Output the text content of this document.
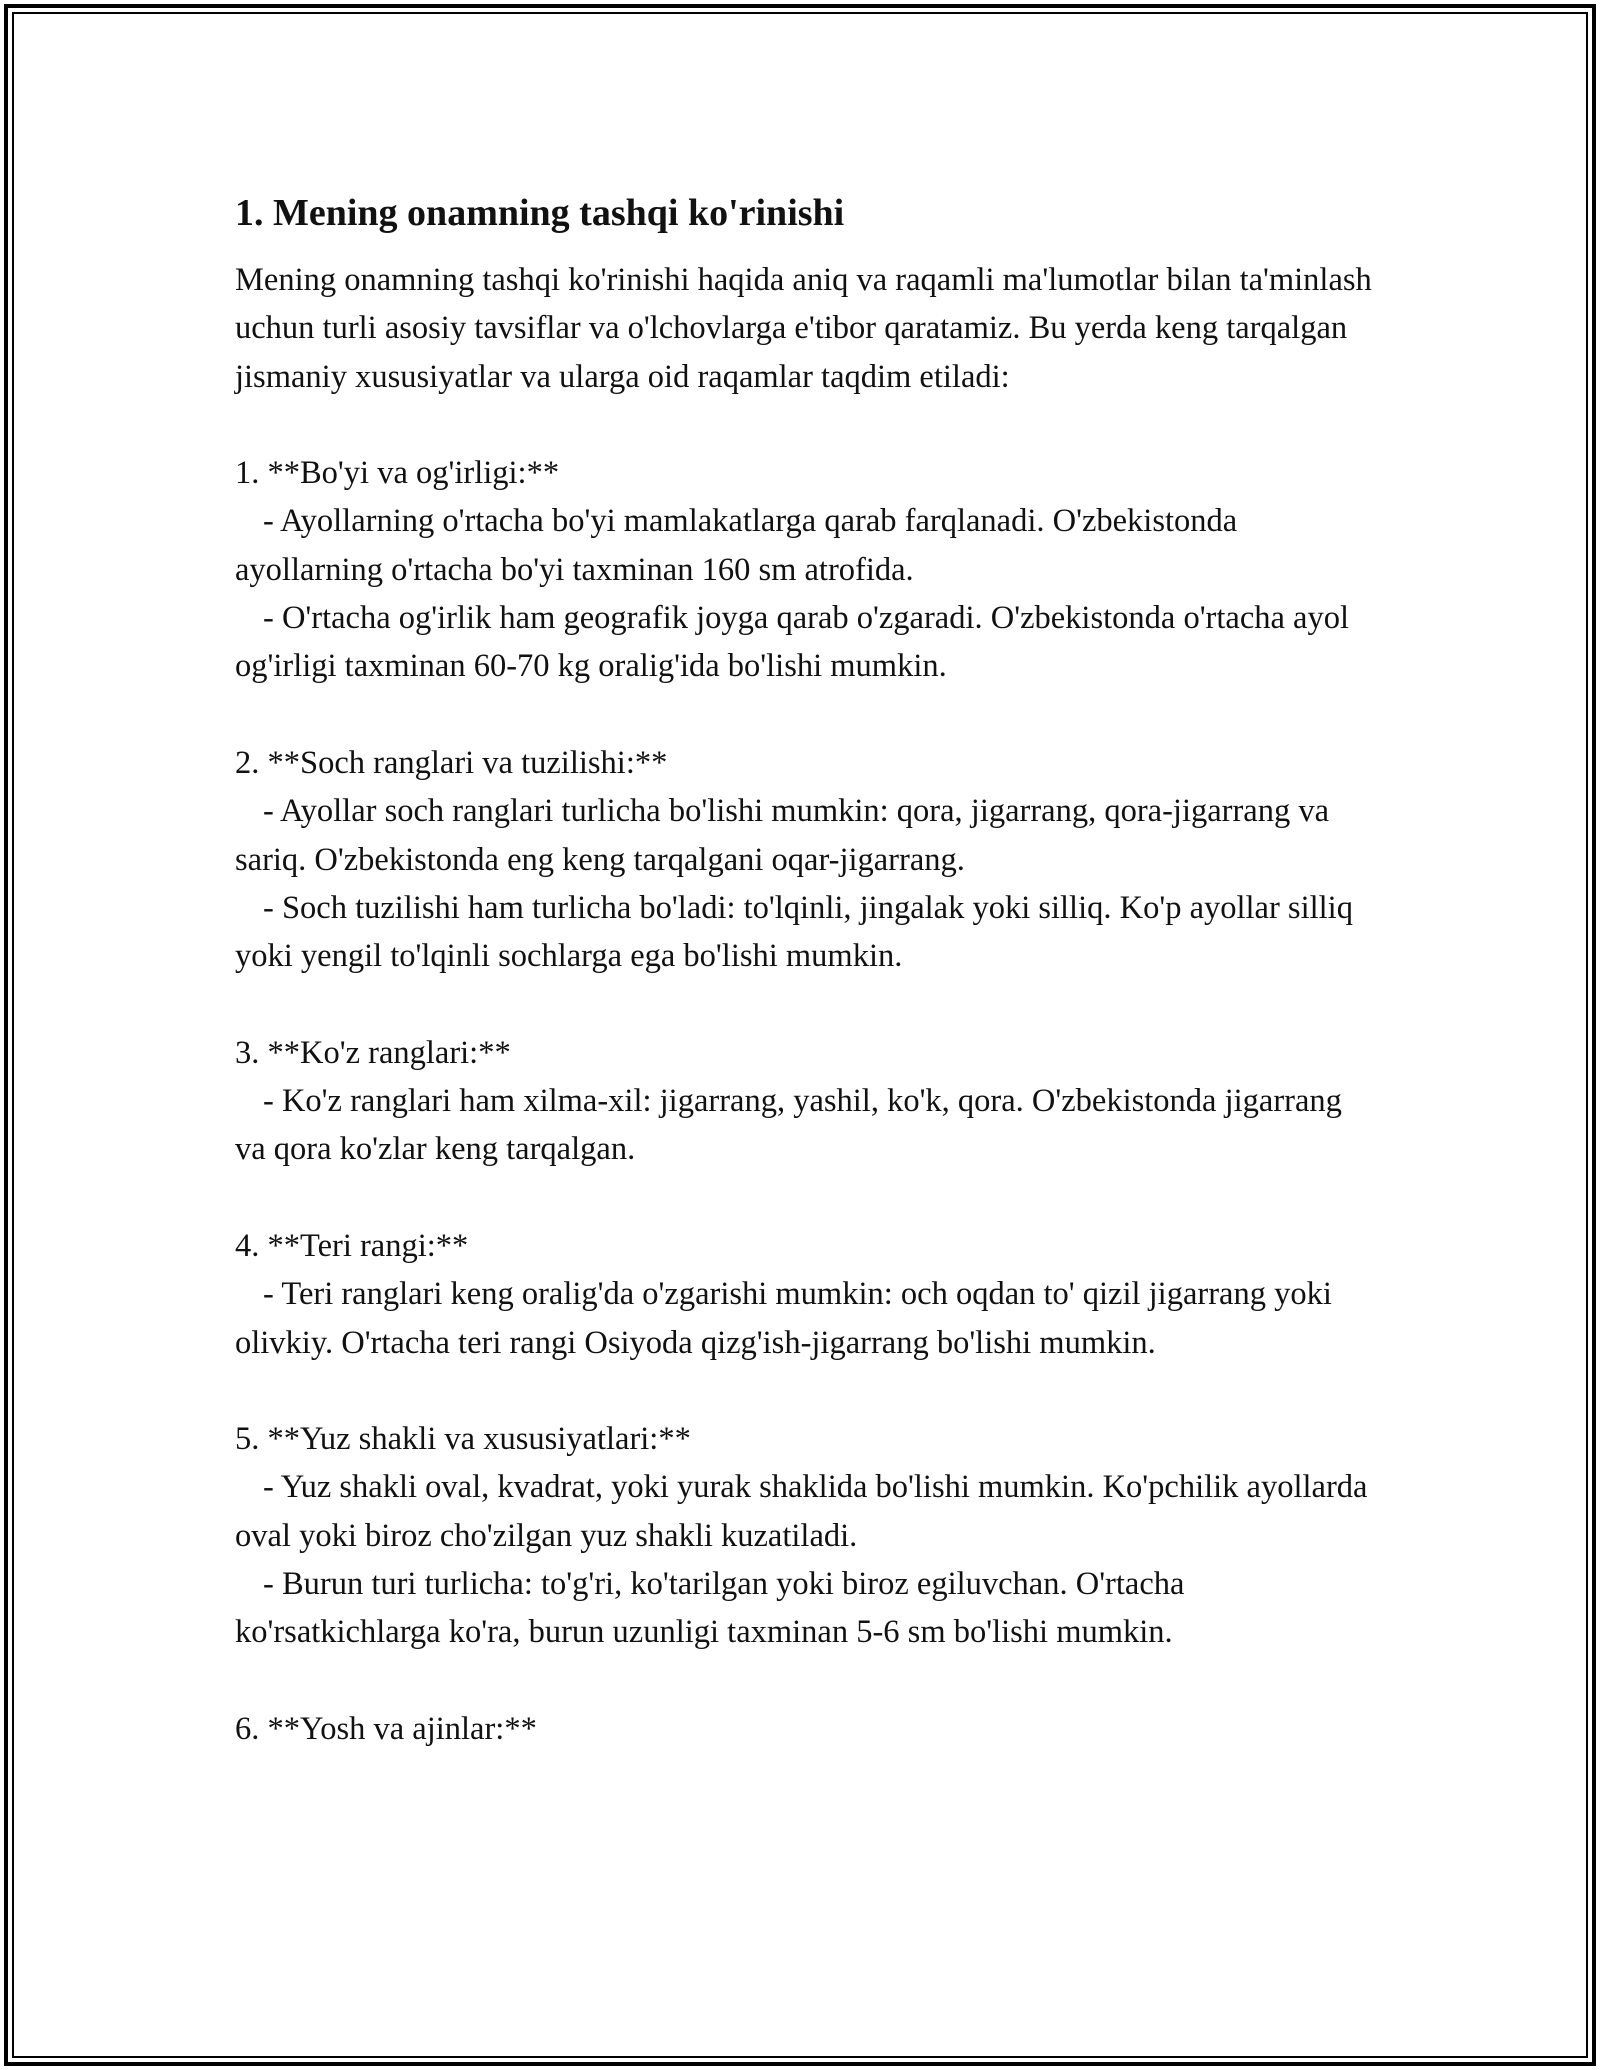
1. Mening onamning tashqi ko'rinishi

Mening onamning tashqi ko'rinishi haqida aniq va raqamli ma'lumotlar bilan ta'minlash uchun turli asosiy tavsiflar va o'lchovlarga e'tibor qaratamiz. Bu yerda keng tarqalgan jismaniy xususiyatlar va ularga oid raqamlar taqdim etiladi:

1. **Bo'yi va og'irligi:**

- Ayollarning o'rtacha bo'yi mamlakatlarga qarab farqlanadi. O'zbekistonda ayollarning o'rtacha bo'yi taxminan 160 sm atrofida.

- O'rtacha og'irlik ham geografik joyga qarab o'zgaradi. O'zbekistonda o'rtacha ayol og'irligi taxminan 60-70 kg oralig'ida bo'lishi mumkin.

2. **Soch ranglari va tuzilishi:**

- Ayollar soch ranglari turlicha bo'lishi mumkin: qora, jigarrang, qora-jigarrang va sariq. O'zbekistonda eng keng tarqalgani oqar-jigarrang.

- Soch tuzilishi ham turlicha bo'ladi: to'lqinli, jingalak yoki silliq. Ko'p ayollar silliq yoki yengil to'lqinli sochlarga ega bo'lishi mumkin.

3. **Ko'z ranglari:**

- Ko'z ranglari ham xilma-xil: jigarrang, yashil, ko'k, qora. O'zbekistonda jigarrang va qora ko'zlar keng tarqalgan.

4. **Teri rangi:**

- Teri ranglari keng oralig'da o'zgarishi mumkin: och oqdan to' qizil jigarrang yoki olivkiy. O'rtacha teri rangi Osiyoda qizg'ish-jigarrang bo'lishi mumkin.

5. **Yuz shakli va xususiyatlari:**

- Yuz shakli oval, kvadrat, yoki yurak shaklida bo'lishi mumkin. Ko'pchilik ayollarda oval yoki biroz cho'zilgan yuz shakli kuzatiladi.

- Burun turi turlicha: to'g'ri, ko'tarilgan yoki biroz egiluvchan. O'rtacha ko'rsatkichlarga ko'ra, burun uzunligi taxminan 5-6 sm bo'lishi mumkin.

6. **Yosh va ajinlar:**
